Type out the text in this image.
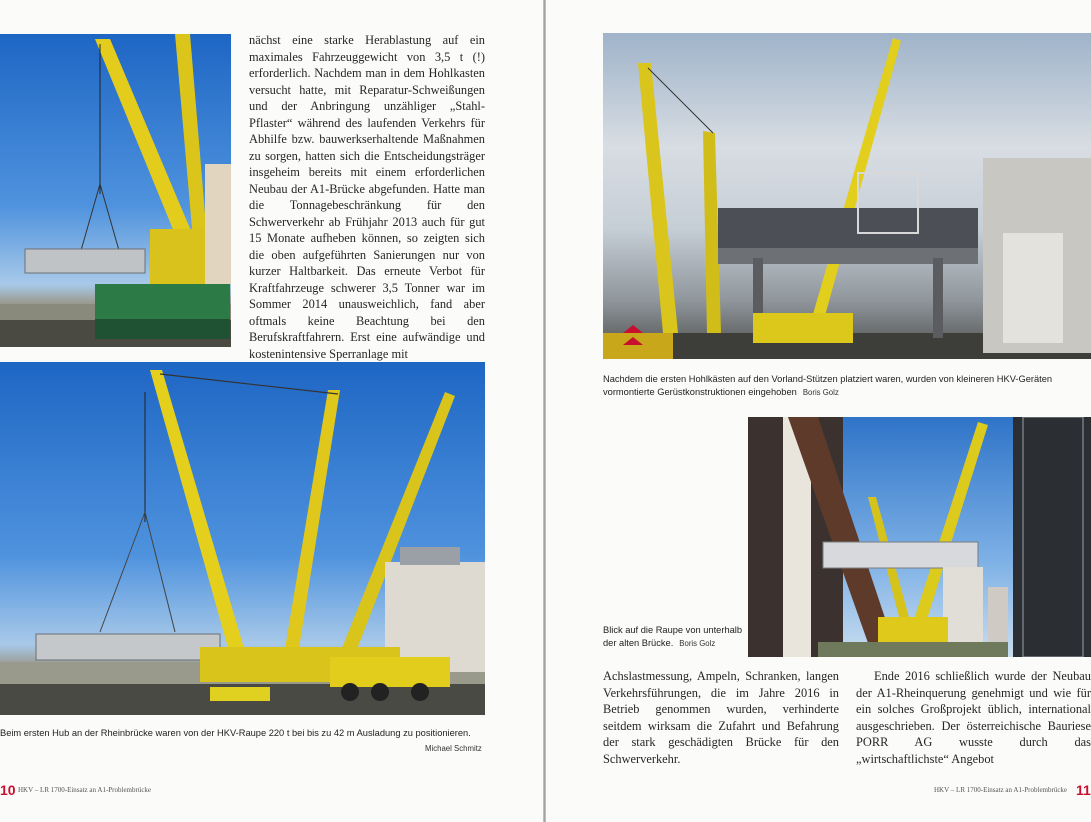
nächst eine starke Herablastung auf ein maximales Fahrzeuggewicht von 3,5 t (!) erforderlich. Nachdem man in dem Hohlkasten versucht hatte, mit Reparatur-Schweißungen und der Anbringung unzähliger „Stahl-Pflaster“ während des laufenden Verkehrs für Abhilfe bzw. bauwerkserhaltende Maßnahmen zu sorgen, hatten sich die Entscheidungsträger insgeheim bereits mit einem erforderlichen Neubau der A1-Brücke abgefunden. Hatte man die Tonnagebeschränkung für den Schwerverkehr ab Frühjahr 2013 auch für gut 15 Monate aufheben können, so zeigten sich die oben aufgeführten Sanierungen nur von kurzer Haltbarkeit. Das erneute Verbot für Kraftfahrzeuge schwerer 3,5 Tonner war im Sommer 2014 unausweichlich, fand aber oftmals keine Beachtung bei den Berufskraftfahrern. Erst eine aufwändige und kostenintensive Sperranlage mit

Beim ersten Hub an der Rheinbrücke waren von der HKV-Raupe 220 t bei bis zu 42 m Ausladung zu positionieren.
Michael Schmitz
10 HKV – LR 1700-Einsatz an A1-Problembrücke
Nachdem die ersten Hohlkästen auf den Vorland-Stützen platziert waren, wurden von kleineren HKV-Geräten vormontierte Gerüstkonstruktionen eingehoben Boris Golz
Blick auf die Raupe von unterhalb der alten Brücke. Boris Golz

Achslastmessung, Ampeln, Schranken, langen Verkehrsführungen, die im Jahre 2016 in Betrieb genommen wurden, verhinderte seitdem wirksam die Zufahrt und Befahrung der stark geschädigten Brücke für den Schwerverkehr.

Ende 2016 schließlich wurde der Neubau der A1-Rheinquerung genehmigt und wie für ein solches Großprojekt üblich, international ausgeschrieben. Der österreichische Bauriese PORR AG wusste durch das „wirtschaftlichste“ Angebot

HKV – LR 1700-Einsatz an A1-Problembrücke 11
